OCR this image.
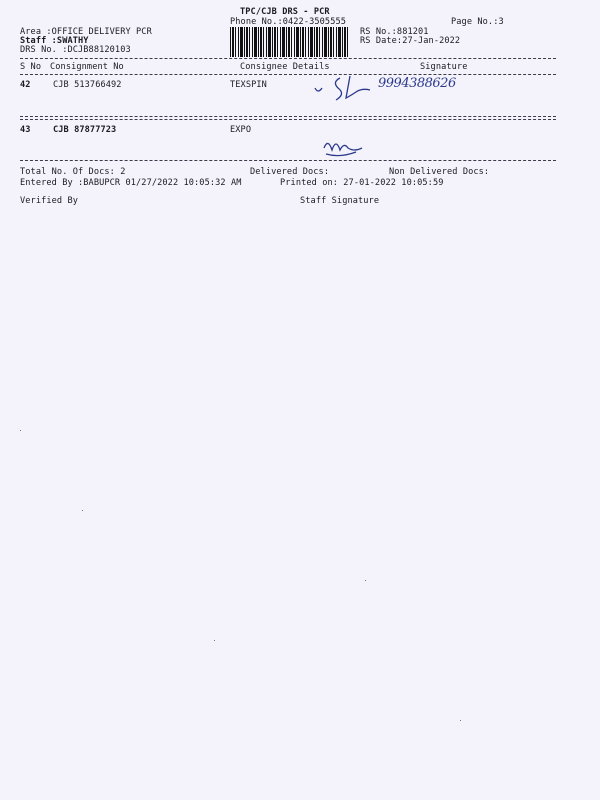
TPC/CJB DRS - PCR
Phone No.:0422-3505555	Page No.:3
Area :OFFICE DELIVERY PCR
Staff :SWATHY
DRS No. :DCJB88120103
RS No.:881201
RS Date:27-Jan-2022
S No Consignment No	Consignee Details	Signature
42	CJB 513766492	TEXSPIN	9994388626
43	CJB 87877723	EXPO
Total No. Of Docs: 2	Delivered Docs:	Non Delivered Docs:
Entered By :BABUPCR 01/27/2022 10:05:32 AM	Printed on: 27-01-2022 10:05:59
Verified By	Staff Signature
